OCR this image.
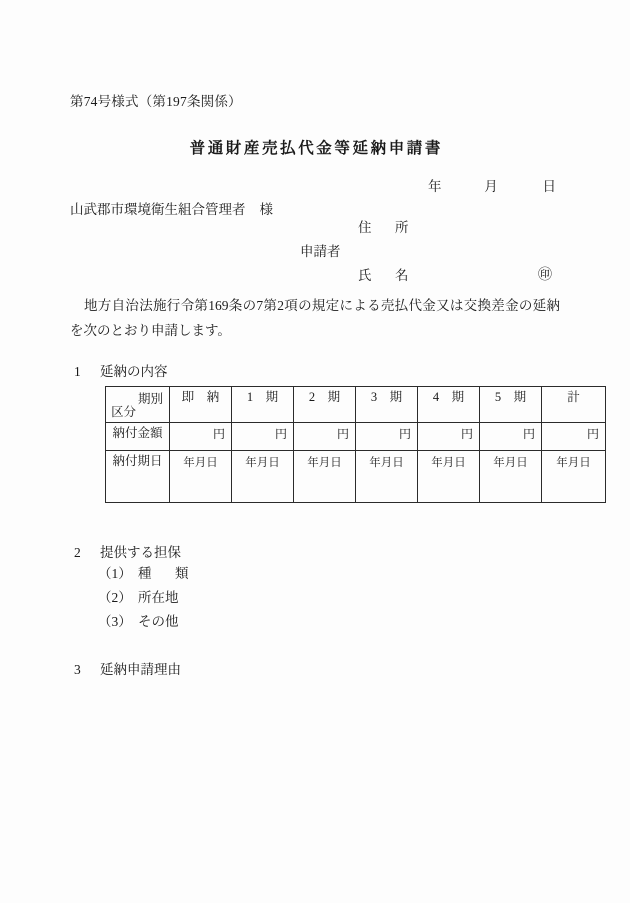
第74号様式（第197条関係）
普通財産売払代金等延納申請書
年	月	日
山武郡市環境衛生組合管理者 様
住　所
申請者
氏　名	㊞
地方自治法施行令第169条の7第2項の規定による売払代金又は交換差金の延納を次のとおり申請します。
1 延納の内容
期別
区分	即　納	1　期	2　期	3　期	4　期	5　期	計
納付金額	円	円	円	円	円	円	円

納付期日	年月日	年月日	年月日	年月日	年月日	年月日	年月日
2 提供する担保
（1） 種　類
（2） 所在地
（3） その他
3 延納申請理由
